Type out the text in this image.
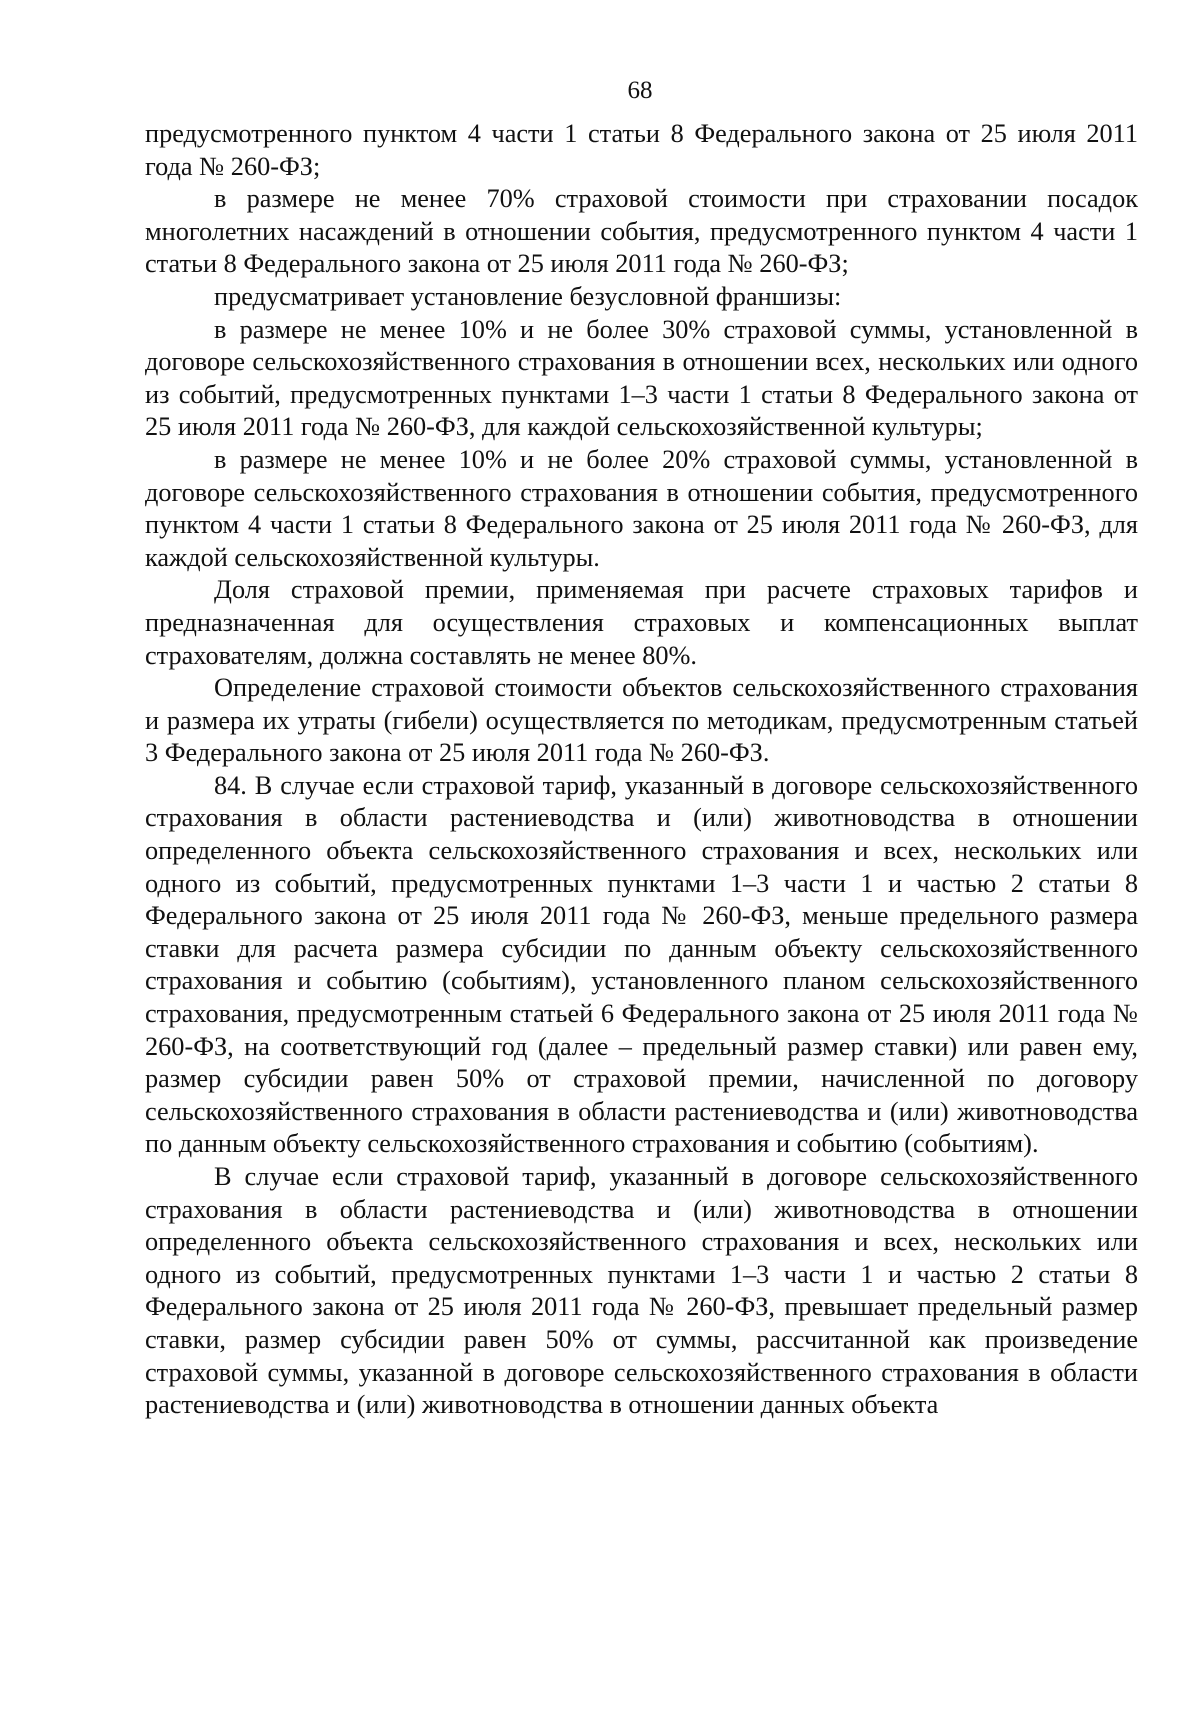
68

предусмотренного пунктом 4 части 1 статьи 8 Федерального закона от 25 июля 2011 года № 260-ФЗ;

в размере не менее 70% страховой стоимости при страховании посадок многолетних насаждений в отношении события, предусмотренного пунктом 4 части 1 статьи 8 Федерального закона от 25 июля 2011 года № 260-ФЗ;

предусматривает установление безусловной франшизы:

в размере не менее 10% и не более 30% страховой суммы, установленной в договоре сельскохозяйственного страхования в отношении всех, нескольких или одного из событий, предусмотренных пунктами 1–3 части 1 статьи 8 Федерального закона от 25 июля 2011 года № 260-ФЗ, для каждой сельскохозяйственной культуры;

в размере не менее 10% и не более 20% страховой суммы, установленной в договоре сельскохозяйственного страхования в отношении события, предусмотренного пунктом 4 части 1 статьи 8 Федерального закона от 25 июля 2011 года № 260-ФЗ, для каждой сельскохозяйственной культуры.

Доля страховой премии, применяемая при расчете страховых тарифов и предназначенная для осуществления страховых и компенсационных выплат страхователям, должна составлять не менее 80%.

Определение страховой стоимости объектов сельскохозяйственного страхования и размера их утраты (гибели) осуществляется по методикам, предусмотренным статьей 3 Федерального закона от 25 июля 2011 года № 260-ФЗ.

84. В случае если страховой тариф, указанный в договоре сельскохозяйственного страхования в области растениеводства и (или) животноводства в отношении определенного объекта сельскохозяйственного страхования и всех, нескольких или одного из событий, предусмотренных пунктами 1–3 части 1 и частью 2 статьи 8 Федерального закона от 25 июля 2011 года № 260-ФЗ, меньше предельного размера ставки для расчета размера субсидии по данным объекту сельскохозяйственного страхования и событию (событиям), установленного планом сельскохозяйственного страхования, предусмотренным статьей 6 Федерального закона от 25 июля 2011 года № 260-ФЗ, на соответствующий год (далее – предельный размер ставки) или равен ему, размер субсидии равен 50% от страховой премии, начисленной по договору сельскохозяйственного страхования в области растениеводства и (или) животноводства по данным объекту сельскохозяйственного страхования и событию (событиям).

В случае если страховой тариф, указанный в договоре сельскохозяйственного страхования в области растениеводства и (или) животноводства в отношении определенного объекта сельскохозяйственного страхования и всех, нескольких или одного из событий, предусмотренных пунктами 1–3 части 1 и частью 2 статьи 8 Федерального закона от 25 июля 2011 года № 260-ФЗ, превышает предельный размер ставки, размер субсидии равен 50% от суммы, рассчитанной как произведение страховой суммы, указанной в договоре сельскохозяйственного страхования в области растениеводства и (или) животноводства в отношении данных объекта
